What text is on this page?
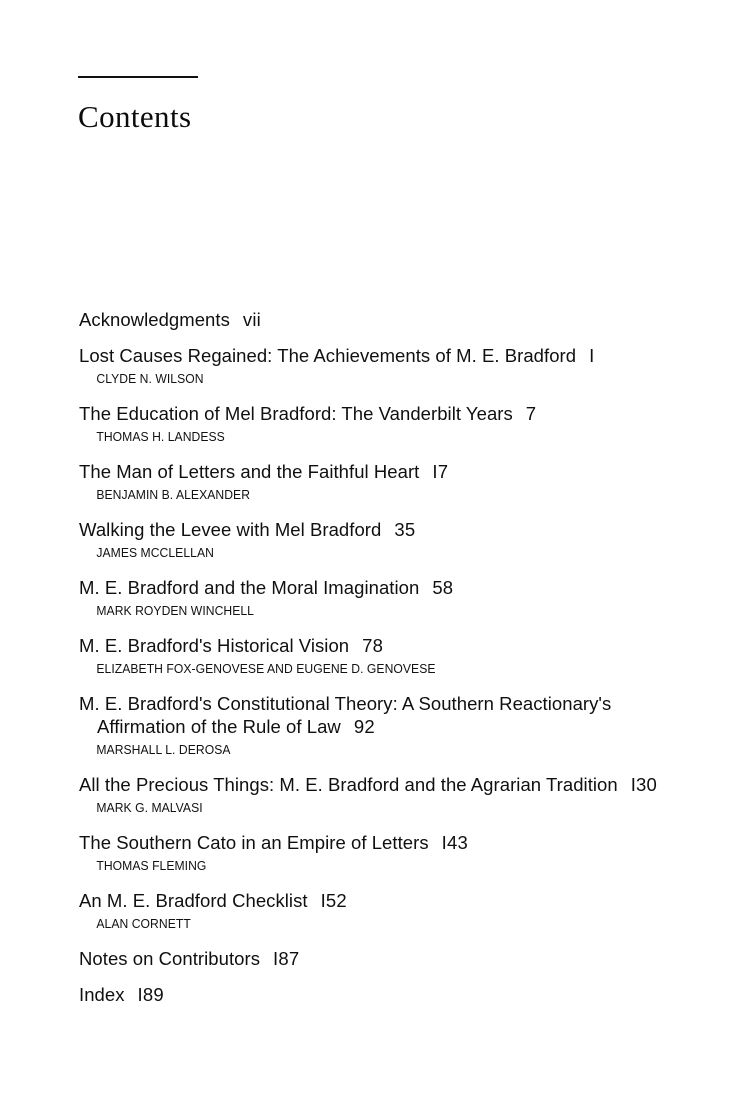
Contents
Acknowledgments vii
Lost Causes Regained: The Achievements of M. E. Bradford I
CLYDE N. WILSON
The Education of Mel Bradford: The Vanderbilt Years 7
THOMAS H. LANDESS
The Man of Letters and the Faithful Heart I7
BENJAMIN B. ALEXANDER
Walking the Levee with Mel Bradford 35
JAMES MCCLELLAN
M. E. Bradford and the Moral Imagination 58
MARK ROYDEN WINCHELL
M. E. Bradford's Historical Vision 78
ELIZABETH FOX-GENOVESE AND EUGENE D. GENOVESE
M. E. Bradford's Constitutional Theory: A Southern Reactionary's
Affirmation of the Rule of Law 92
MARSHALL L. DEROSA
All the Precious Things: M. E. Bradford and the Agrarian Tradition I30
MARK G. MALVASI
The Southern Cato in an Empire of Letters I43
THOMAS FLEMING
An M. E. Bradford Checklist I52
ALAN CORNETT
Notes on Contributors I87
Index I89
